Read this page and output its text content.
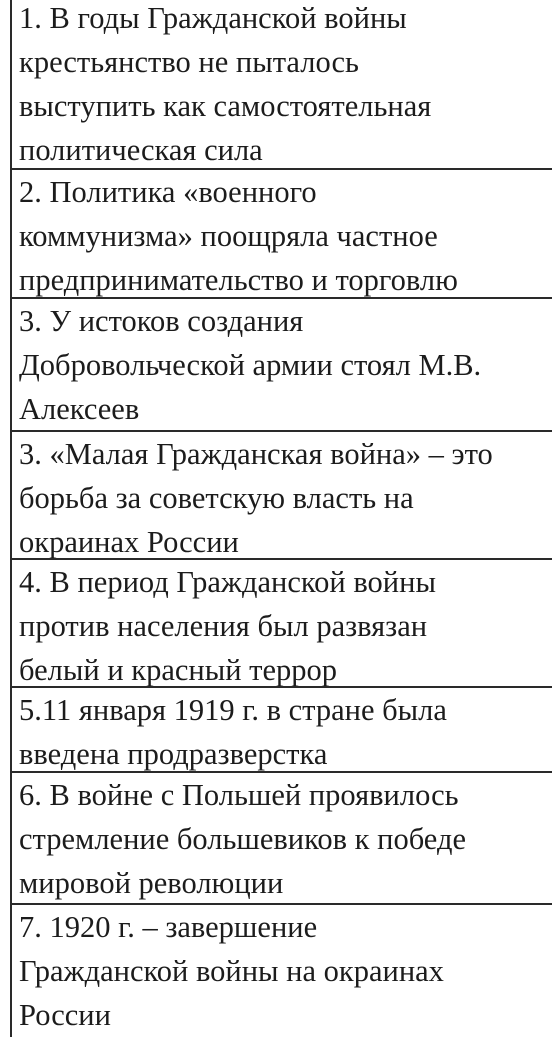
1. В годы Гражданской войны
крестьянство не пыталось
выступить как самостоятельная
политическая сила
2. Политика «военного
коммунизма» поощряла частное
предпринимательство и торговлю
3. У истоков создания
Добровольческой армии стоял М.В.
Алексеев
3. «Малая Гражданская война» – это
борьба за советскую власть на
окраинах России
4. В период Гражданской войны
против населения был развязан
белый и красный террор
5.11 января 1919 г. в стране была
введена продразверстка
6. В войне с Польшей проявилось
стремление большевиков к победе
мировой революции
7. 1920 г. – завершение
Гражданской войны на окраинах
России
